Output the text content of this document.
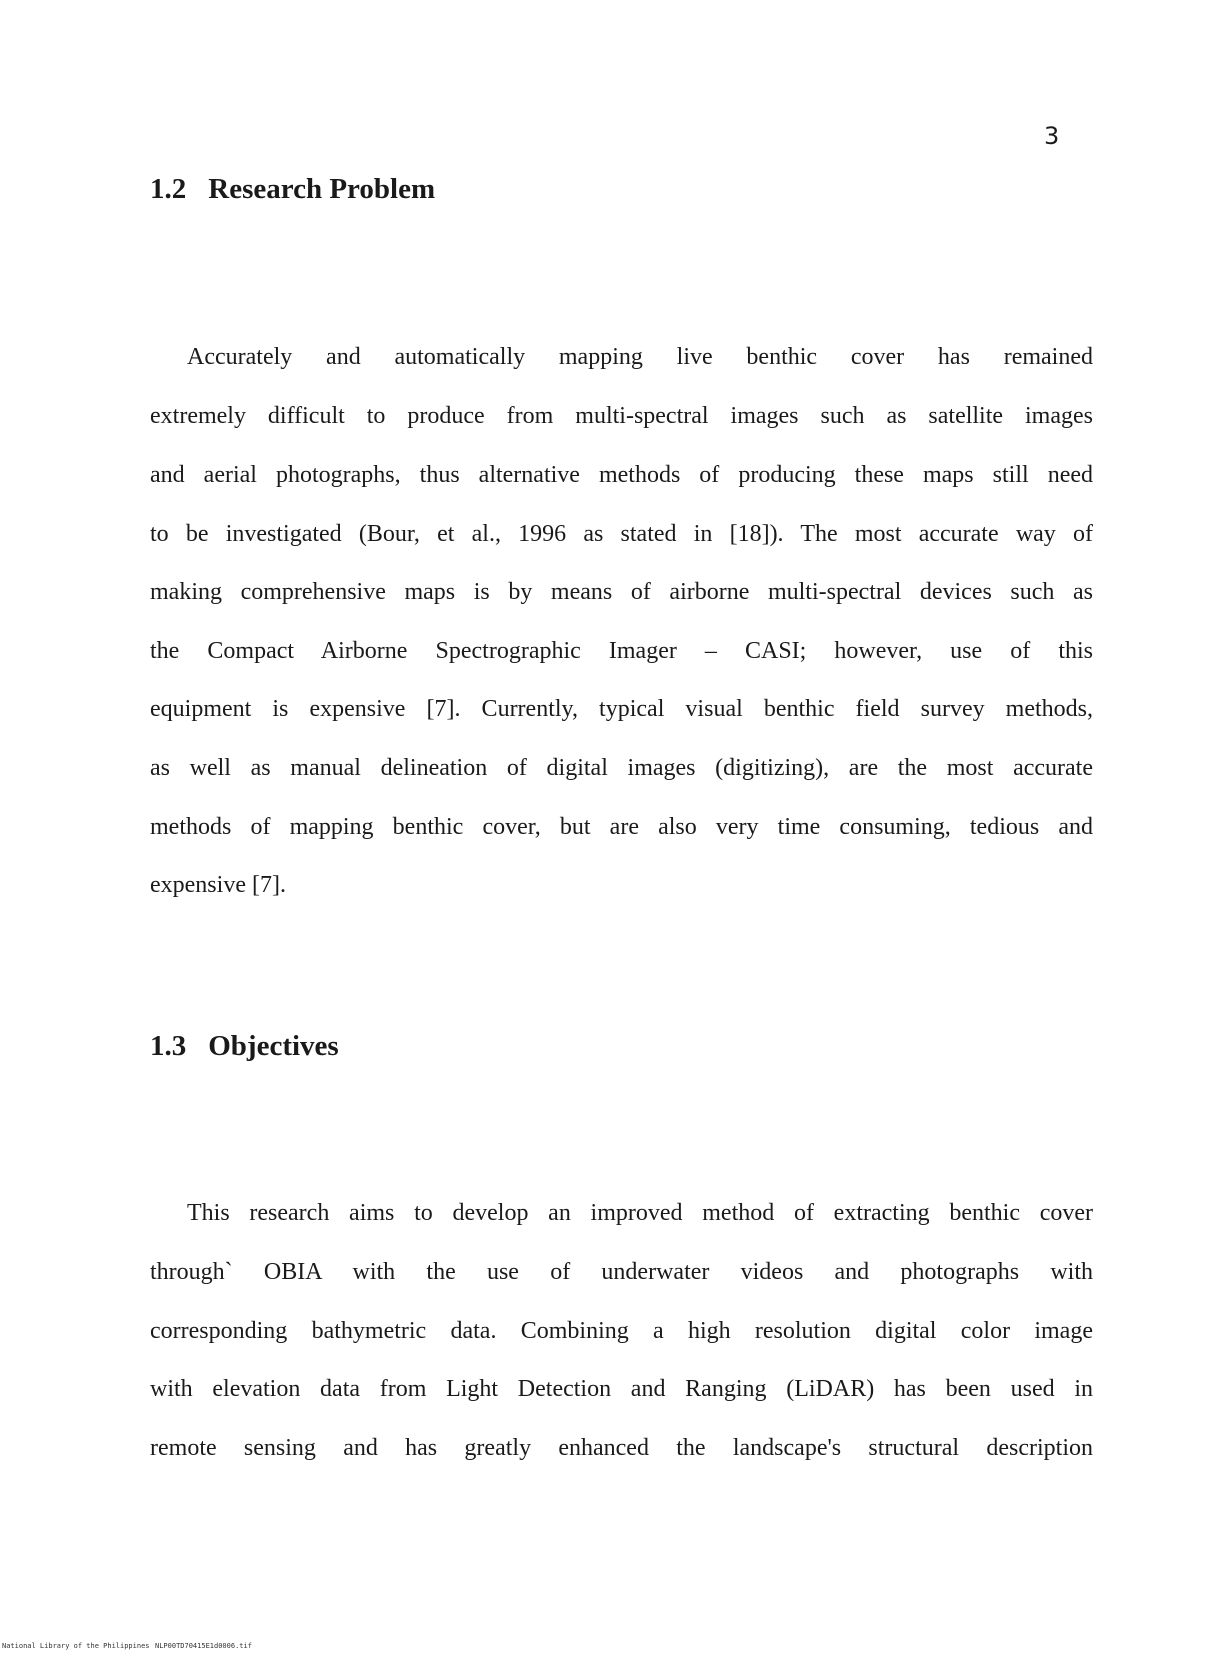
3
1.2 Research Problem
Accurately and automatically mapping live benthic cover has remained
extremely difficult to produce from multi-spectral images such as satellite images
and aerial photographs, thus alternative methods of producing these maps still need
to be investigated (Bour, et al., 1996 as stated in [18]). The most accurate way of
making comprehensive maps is by means of airborne multi-spectral devices such as
the Compact Airborne Spectrographic Imager – CASI; however, use of this
equipment is expensive [7]. Currently, typical visual benthic field survey methods,
as well as manual delineation of digital images (digitizing), are the most accurate
methods of mapping benthic cover, but are also very time consuming, tedious and
expensive [7].
1.3 Objectives
This research aims to develop an improved method of extracting benthic cover
through` OBIA with the use of underwater videos and photographs with
corresponding bathymetric data. Combining a high resolution digital color image
with elevation data from Light Detection and Ranging (LiDAR) has been used in
remote sensing and has greatly enhanced the landscape's structural description
National Library of the Philippines NLP00TD70415E1d0006.tif
